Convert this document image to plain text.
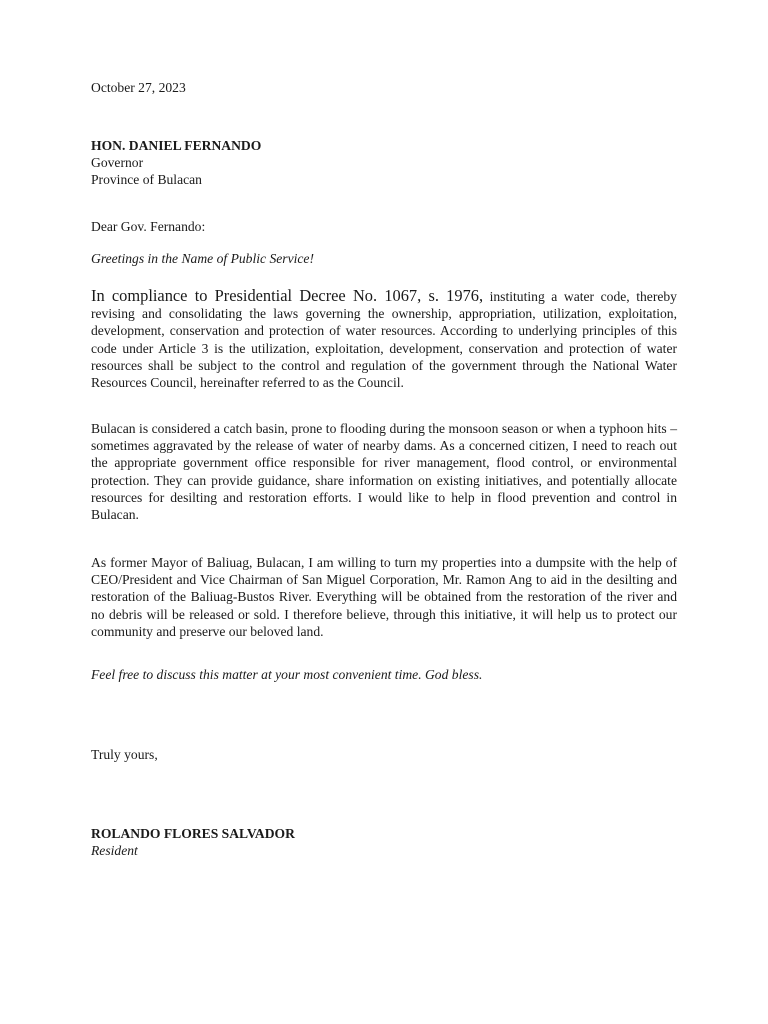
October 27, 2023

HON. DANIEL FERNANDO

Governor

Province of Bulacan

Dear Gov. Fernando:

Greetings in the Name of Public Service!

In compliance to Presidential Decree No. 1067, s. 1976, instituting a water code, thereby revising and consolidating the laws governing the ownership, appropriation, utilization, exploitation, development, conservation and protection of water resources. According to underlying principles of this code under Article 3 is the utilization, exploitation, development, conservation and protection of water resources shall be subject to the control and regulation of the government through the National Water Resources Council, hereinafter referred to as the Council.

Bulacan is considered a catch basin, prone to flooding during the monsoon season or when a typhoon hits – sometimes aggravated by the release of water of nearby dams. As a concerned citizen, I need to reach out the appropriate government office responsible for river management, flood control, or environmental protection. They can provide guidance, share information on existing initiatives, and potentially allocate resources for desilting and restoration efforts. I would like to help in flood prevention and control in Bulacan.

As former Mayor of Baliuag, Bulacan, I am willing to turn my properties into a dumpsite with the help of CEO/President and Vice Chairman of San Miguel Corporation, Mr. Ramon Ang to aid in the desilting and restoration of the Baliuag-Bustos River. Everything will be obtained from the restoration of the river and no debris will be released or sold. I therefore believe, through this initiative, it will help us to protect our community and preserve our beloved land.

Feel free to discuss this matter at your most convenient time. God bless.

Truly yours,

ROLANDO FLORES SALVADOR

Resident
